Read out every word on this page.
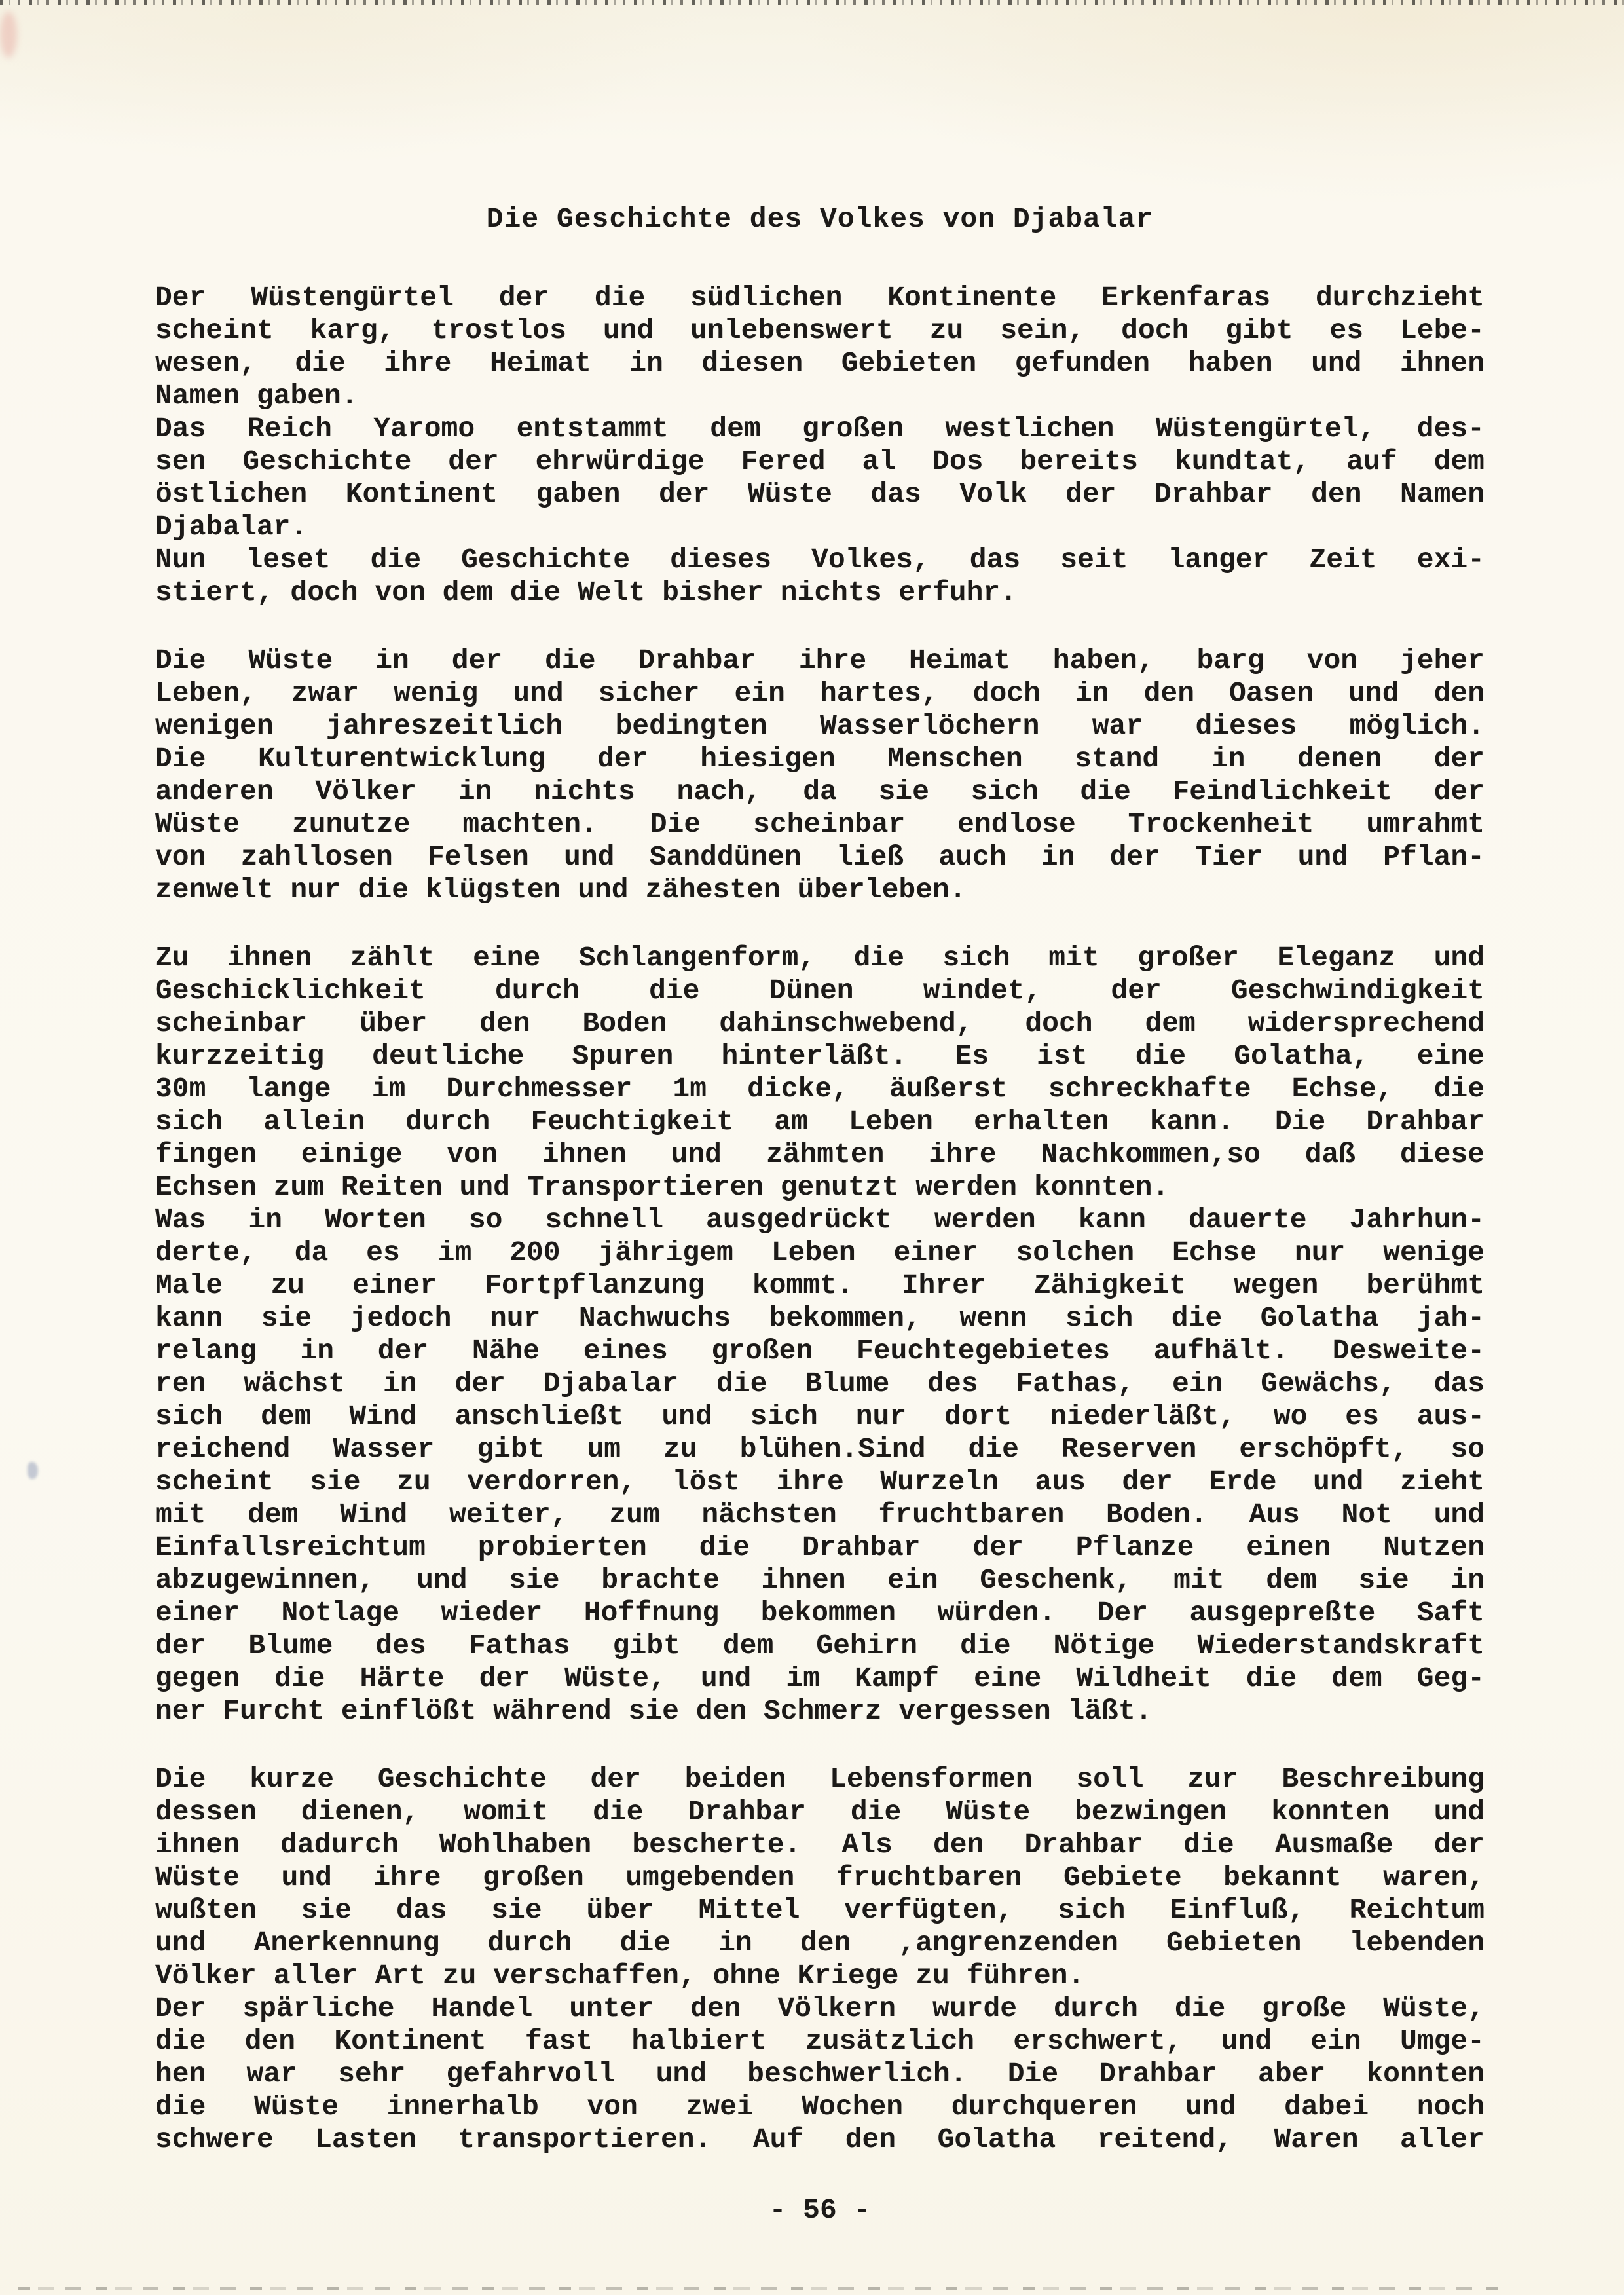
Die Geschichte des Volkes von Djabalar
Der Wüstengürtel der die südlichen Kontinente Erkenfaras durchzieht
scheint karg, trostlos und unlebenswert zu sein, doch gibt es Lebe-
wesen, die ihre Heimat in diesen Gebieten gefunden haben und ihnen
Namen gaben.
Das Reich Yaromo entstammt dem großen westlichen Wüstengürtel, des-
sen Geschichte der ehrwürdige Fered al Dos bereits kundtat, auf dem
östlichen Kontinent gaben der Wüste das Volk der Drahbar den Namen
Djabalar.
Nun leset die Geschichte dieses Volkes, das seit langer Zeit exi-
stiert, doch von dem die Welt bisher nichts erfuhr.
Die Wüste in der die Drahbar ihre Heimat haben, barg von jeher
Leben, zwar wenig und sicher ein hartes, doch in den Oasen und den
wenigen jahreszeitlich bedingten Wasserlöchern war dieses möglich.
Die Kulturentwicklung der hiesigen Menschen stand in denen der
anderen Völker in nichts nach, da sie sich die Feindlichkeit der
Wüste zunutze machten. Die scheinbar endlose Trockenheit umrahmt
von zahllosen Felsen und Sanddünen ließ auch in der Tier und Pflan-
zenwelt nur die klügsten und zähesten überleben.
Zu ihnen zählt eine Schlangenform, die sich mit großer Eleganz und
Geschicklichkeit durch die Dünen windet, der Geschwindigkeit
scheinbar über den Boden dahinschwebend, doch dem widersprechend
kurzzeitig deutliche Spuren hinterläßt. Es ist die Golatha, eine
30m lange im Durchmesser 1m dicke, äußerst schreckhafte Echse, die
sich allein durch Feuchtigkeit am Leben erhalten kann. Die Drahbar
fingen einige von ihnen und zähmten ihre Nachkommen,so daß diese
Echsen zum Reiten und Transportieren genutzt werden konnten.
Was in Worten so schnell ausgedrückt werden kann dauerte Jahrhun-
derte, da es im 200 jährigem Leben einer solchen Echse nur wenige
Male zu einer Fortpflanzung kommt. Ihrer Zähigkeit wegen berühmt
kann sie jedoch nur Nachwuchs bekommen, wenn sich die Golatha jah-
relang in der Nähe eines großen Feuchtegebietes aufhält. Desweite-
ren wächst in der Djabalar die Blume des Fathas, ein Gewächs, das
sich dem Wind anschließt und sich nur dort niederläßt, wo es aus-
reichend Wasser gibt um zu blühen.Sind die Reserven erschöpft, so
scheint sie zu verdorren, löst ihre Wurzeln aus der Erde und zieht
mit dem Wind weiter, zum nächsten fruchtbaren Boden. Aus Not und
Einfallsreichtum probierten die Drahbar der Pflanze einen Nutzen
abzugewinnen, und sie brachte ihnen ein Geschenk, mit dem sie in
einer Notlage wieder Hoffnung bekommen würden. Der ausgepreßte Saft
der Blume des Fathas gibt dem Gehirn die Nötige Wiederstandskraft
gegen die Härte der Wüste, und im Kampf eine Wildheit die dem Geg-
ner Furcht einflößt während sie den Schmerz vergessen läßt.
Die kurze Geschichte der beiden Lebensformen soll zur Beschreibung
dessen dienen, womit die Drahbar die Wüste bezwingen konnten und
ihnen dadurch Wohlhaben bescherte. Als den Drahbar die Ausmaße der
Wüste und ihre großen umgebenden fruchtbaren Gebiete bekannt waren,
wußten sie das sie über Mittel verfügten, sich Einfluß, Reichtum
und Anerkennung durch die in den ,angrenzenden Gebieten lebenden
Völker aller Art zu verschaffen, ohne Kriege zu führen.
Der spärliche Handel unter den Völkern wurde durch die große Wüste,
die den Kontinent fast halbiert zusätzlich erschwert, und ein Umge-
hen war sehr gefahrvoll und beschwerlich. Die Drahbar aber konnten
die Wüste innerhalb von zwei Wochen durchqueren und dabei noch
schwere Lasten transportieren. Auf den Golatha reitend, Waren aller
- 56 -
